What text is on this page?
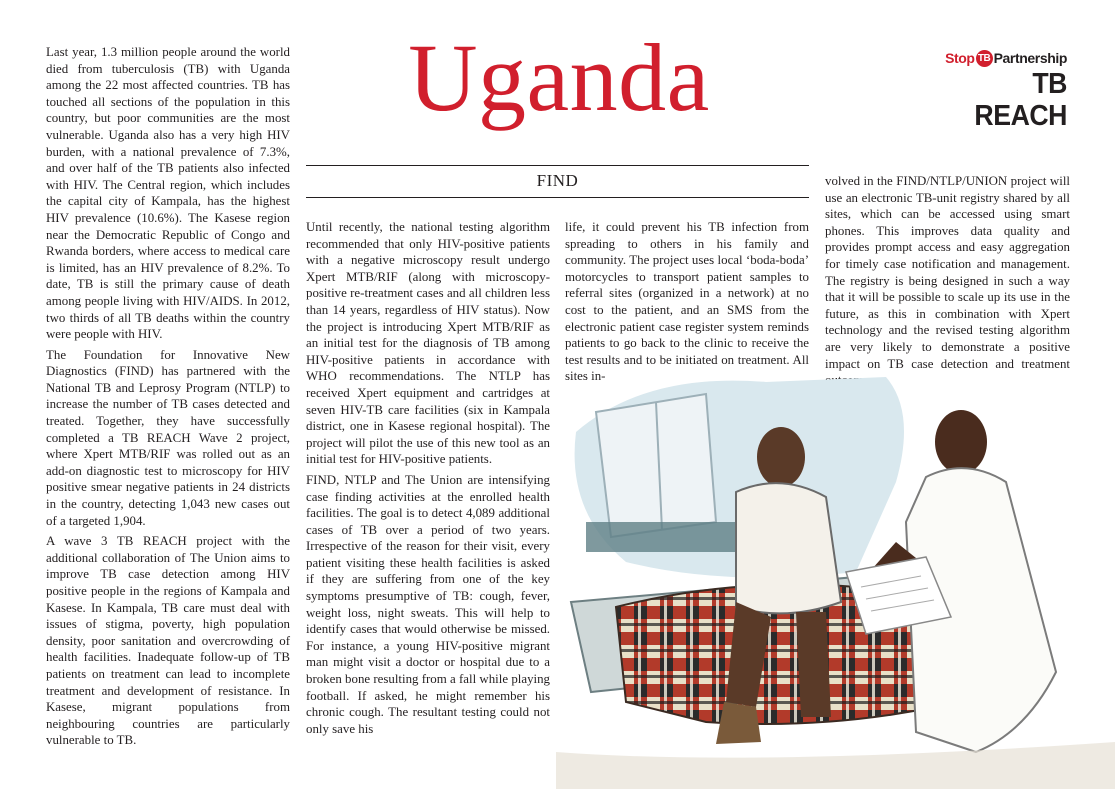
Uganda	Stop TB Partnership
TB REACH
FIND

Last year, 1.3 million people around the world died from tuberculosis (TB) with Uganda among the 22 most affected countries. TB has touched all sections of the population in this country, but poor communities are the most vulnerable. Uganda also has a very high HIV burden, with a national prevalence of 7.3%, and over half of the TB patients also infected with HIV. The Central region, which includes the capital city of Kampala, has the highest HIV prevalence (10.6%). The Kasese region near the Democratic Republic of Congo and Rwanda borders, where access to medical care is limited, has an HIV prevalence of 8.2%. To date, TB is still the primary cause of death among people living with HIV/AIDS. In 2012, two thirds of all TB deaths within the country were people with HIV.

The Foundation for Innovative New Diagnostics (FIND) has partnered with the National TB and Leprosy Program (NTLP) to increase the number of TB cases detected and treated. Together, they have successfully completed a TB REACH Wave 2 project, where Xpert MTB/RIF was rolled out as an add-on diagnostic test to microscopy for HIV positive smear negative patients in 24 districts in the country, detecting 1,043 new cases out of a targeted 1,904.

A wave 3 TB REACH project with the additional collaboration of The Union aims to improve TB case detection among HIV positive people in the regions of Kampala and Kasese. In Kampala, TB care must deal with issues of stigma, poverty, high population density, poor sanitation and overcrowding of health facilities. Inadequate follow-up of TB patients on treatment can lead to incomplete treatment and development of resistance. In Kasese, migrant populations from neighbouring countries are particularly vulnerable to TB.

Until recently, the national testing algorithm recommended that only HIV-positive patients with a negative microscopy result undergo Xpert MTB/RIF (along with microscopy-positive re-treatment cases and all children less than 14 years, regardless of HIV status). Now the project is introducing Xpert MTB/RIF as an initial test for the diagnosis of TB among HIV-positive patients in accordance with WHO recommendations. The NTLP has received Xpert equipment and cartridges at seven HIV-TB care facilities (six in Kampala district, one in Kasese regional hospital). The project will pilot the use of this new tool as an initial test for HIV-positive patients.

FIND, NTLP and The Union are intensifying case finding activities at the enrolled health facilities. The goal is to detect 4,089 additional cases of TB over a period of two years. Irrespective of the reason for their visit, every patient visiting these health facilities is asked if they are suffering from one of the key symptoms presumptive of TB: cough, fever, weight loss, night sweats. This will help to identify cases that would otherwise be missed. For instance, a young HIV-positive migrant man might visit a doctor or hospital due to a broken bone resulting from a fall while playing football. If asked, he might remember his chronic cough. The resultant testing could not only save his

life, it could prevent his TB infection from spreading to others in his family and community. The project uses local ‘boda-boda’ motorcycles to transport patient samples to referral sites (organized in a network) at no cost to the patient, and an SMS from the electronic patient case register system reminds patients to go back to the clinic to receive the test results and to be initiated on treatment. All sites in-

volved in the FIND/NTLP/UNION project will use an electronic TB-unit registry shared by all sites, which can be accessed using smart phones. This improves data quality and provides prompt access and easy aggregation for timely case notification and management. The registry is being designed in such a way that it will be possible to scale up its use in the future, as this in combination with Xpert technology and the revised testing algorithm are very likely to demonstrate a positive impact on TB case detection and treatment
